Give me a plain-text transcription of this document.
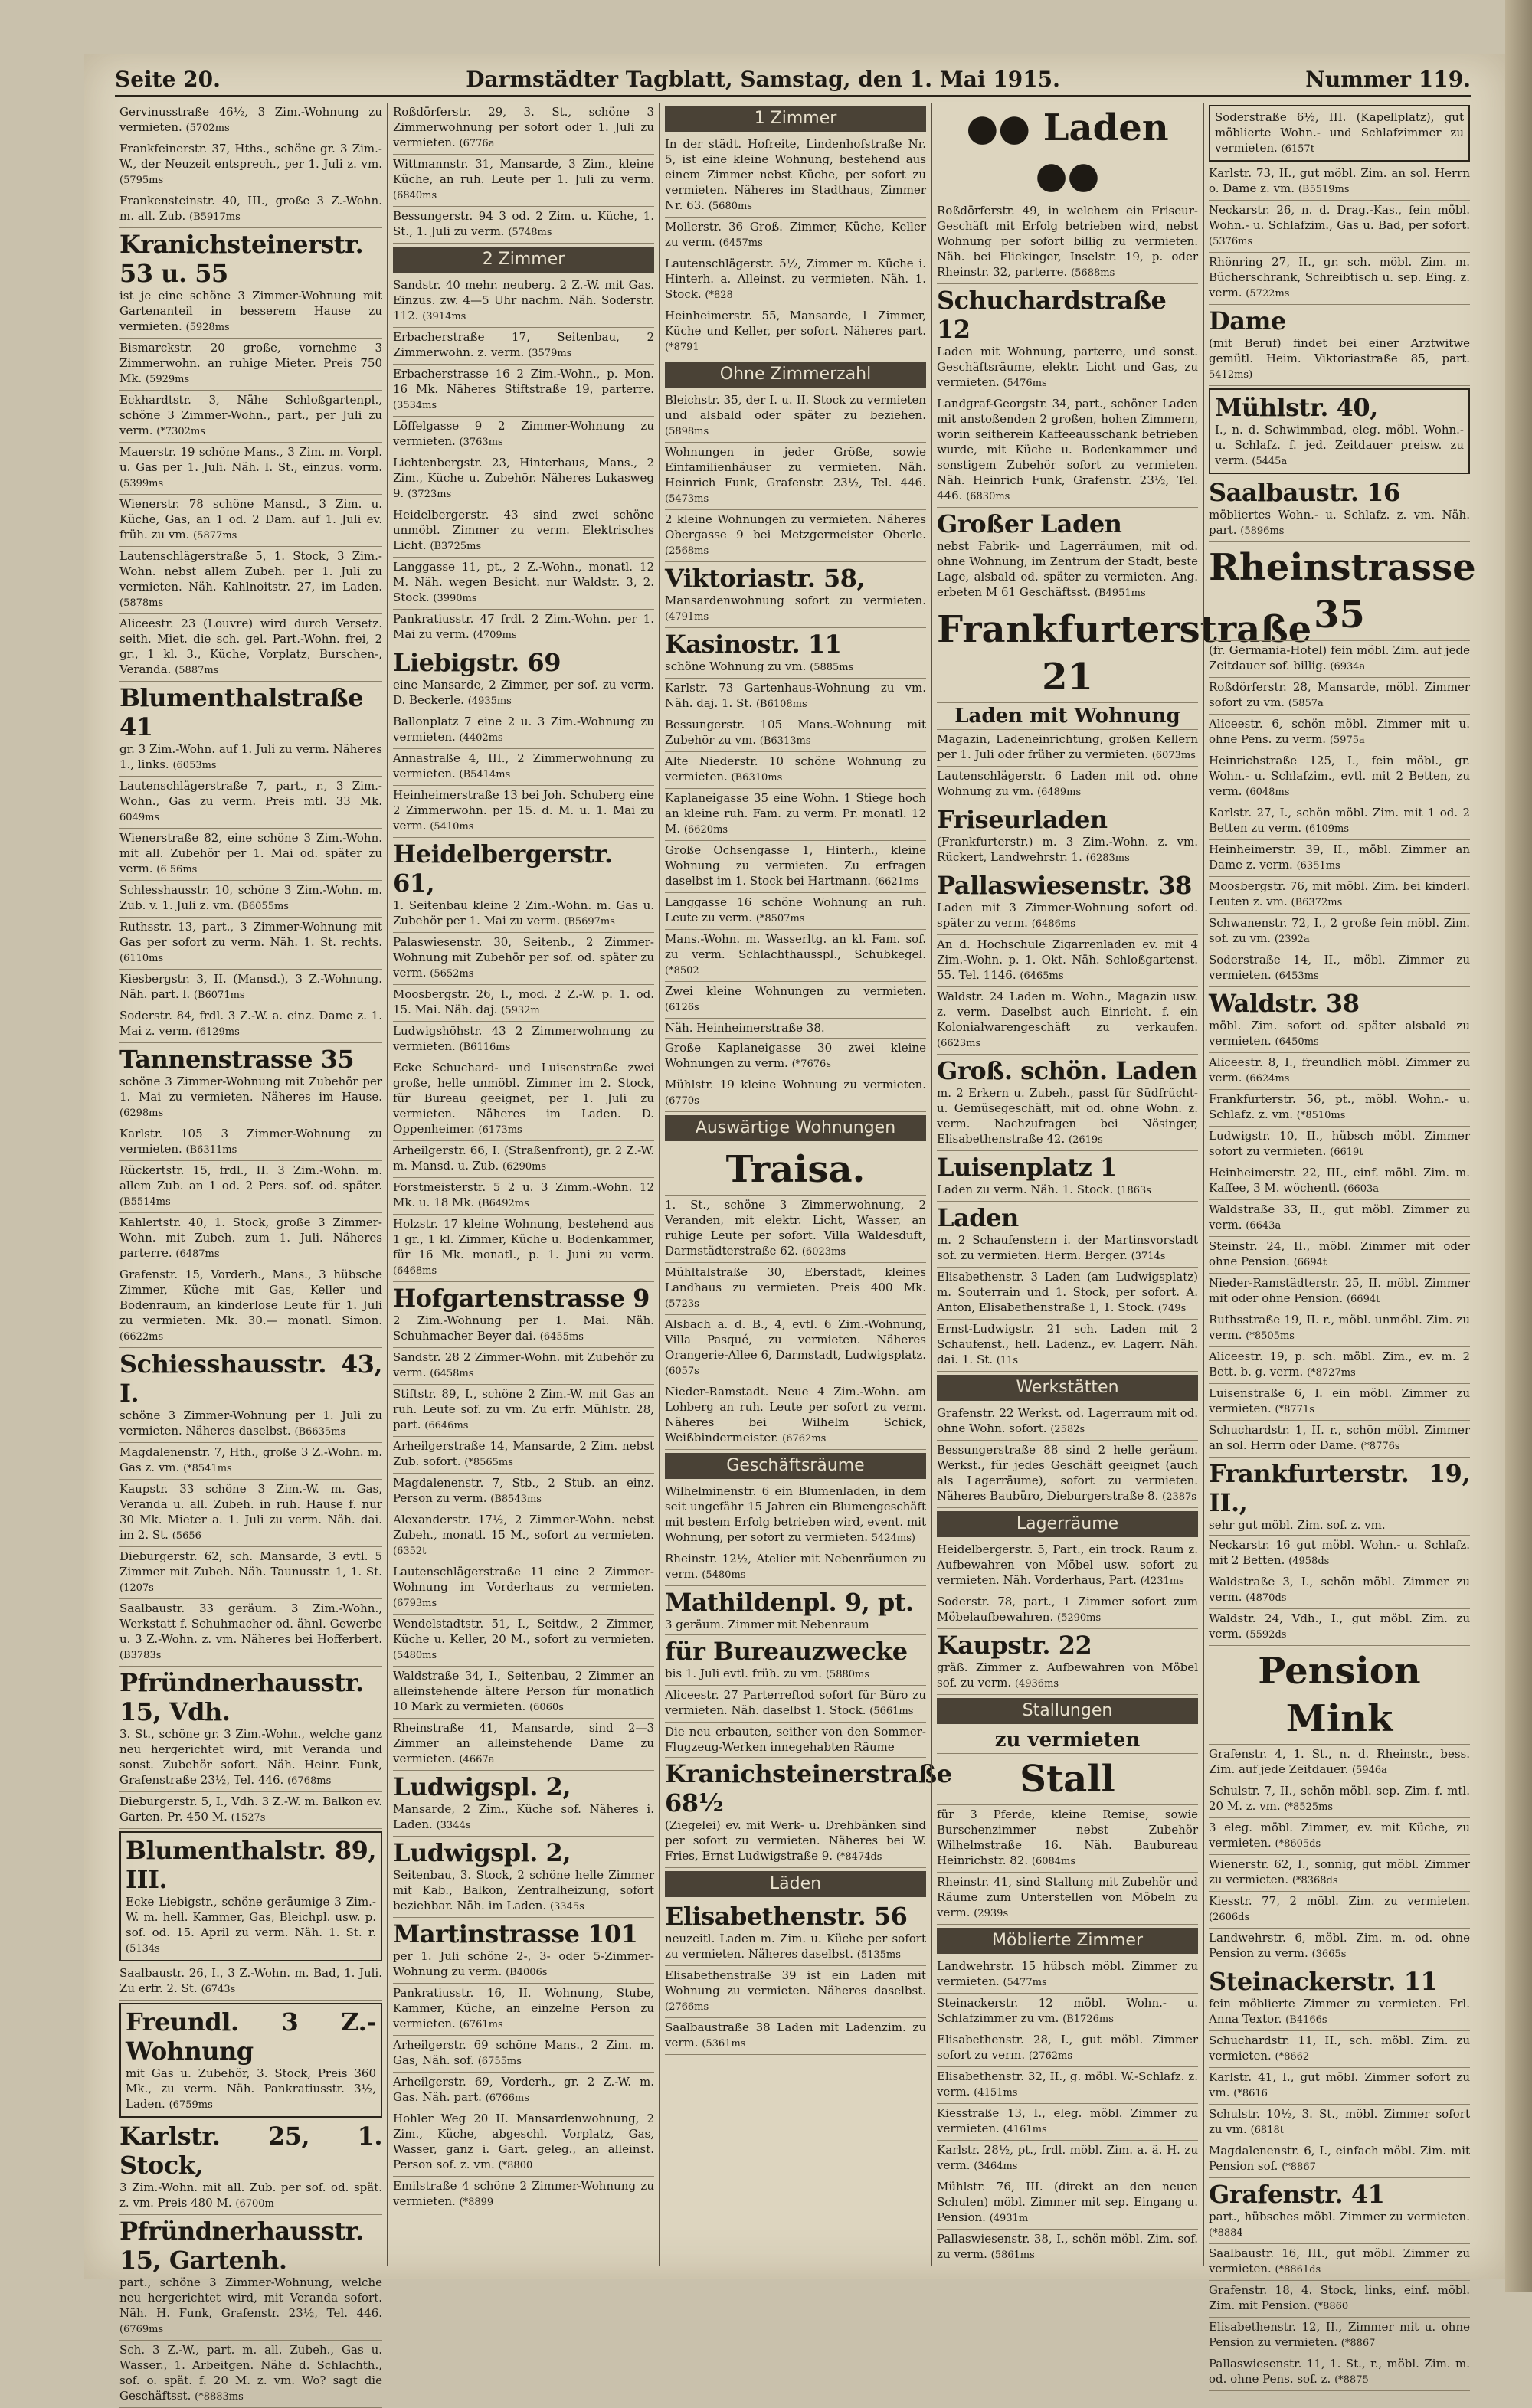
Seite 20.	Darmstädter Tagblatt, Samstag, den 1. Mai 1915.	Nummer 119.
Gervinusstraße 46½, 3 Zim.-Wohnung zu vermieten. (5702ms
Frankfeinerstr. 37, Hths., schöne gr. 3 Zim.-W., der Neuzeit entsprech., per 1. Juli z. vm. (5795ms
Frankensteinstr. 40, III., große 3 Z.-Wohn. m. all. Zub. (B5917ms
Kranichsteinerstr. 53 u. 55
ist je eine schöne 3 Zimmer-Wohnung mit Gartenanteil in besserem Hause zu vermieten. (5928ms
Bismarckstr. 20 große, vornehme 3 Zimmerwohn. an ruhige Mieter. Preis 750 Mk. (5929ms
Eckhardtstr. 3, Nähe Schloßgartenpl., schöne 3 Zimmer-Wohn., part., per Juli zu verm. (*7302ms
Mauerstr. 19 schöne Mans., 3 Zim. m. Vorpl. u. Gas per 1. Juli. Näh. I. St., einzus. vorm. (5399ms
Wienerstr. 78 schöne Mansd., 3 Zim. u. Küche, Gas, an 1 od. 2 Dam. auf 1. Juli ev. früh. zu vm. (5877ms
Lautenschlägerstraße 5, 1. Stock, 3 Zim.-Wohn. nebst allem Zubeh. per 1. Juli zu vermieten. Näh. Kahlnoitstr. 27, im Laden. (5878ms
Aliceestr. 23 (Louvre) wird durch Versetz. seith. Miet. die sch. gel. Part.-Wohn. frei, 2 gr., 1 kl. 3., Küche, Vorplatz, Burschen-, Veranda. (5887ms
Blumenthalstraße 41
gr. 3 Zim.-Wohn. auf 1. Juli zu verm. Näheres 1., links. (6053ms
Lautenschlägerstraße 7, part., r., 3 Zim.-Wohn., Gas zu verm. Preis mtl. 33 Mk. 6049ms
Wienerstraße 82, eine schöne 3 Zim.-Wohn. mit all. Zubehör per 1. Mai od. später zu verm. (6 56ms
Schlesshausstr. 10, schöne 3 Zim.-Wohn. m. Zub. v. 1. Juli z. vm. (B6055ms
Ruthsstr. 13, part., 3 Zimmer-Wohnung mit Gas per sofort zu verm. Näh. 1. St. rechts. (6110ms
Kiesbergstr. 3, II. (Mansd.), 3 Z.-Wohnung. Näh. part. l. (B6071ms
Soderstr. 84, frdl. 3 Z.-W. a. einz. Dame z. 1. Mai z. verm. (6129ms
Tannenstrasse 35
schöne 3 Zimmer-Wohnung mit Zubehör per 1. Mai zu vermieten. Näheres im Hause. (6298ms
Karlstr. 105 3 Zimmer-Wohnung zu vermieten. (B6311ms
Rückertstr. 15, frdl., II. 3 Zim.-Wohn. m. allem Zub. an 1 od. 2 Pers. sof. od. später. (B5514ms
Kahlertstr. 40, 1. Stock, große 3 Zimmer-Wohn. mit Zubeh. zum 1. Juli. Näheres parterre. (6487ms
Grafenstr. 15, Vorderh., Mans., 3 hübsche Zimmer, Küche mit Gas, Keller und Bodenraum, an kinderlose Leute für 1. Juli zu vermieten. Mk. 30.— monatl. Simon. (6622ms
Schiesshausstr. 43, I.
schöne 3 Zimmer-Wohnung per 1. Juli zu vermieten. Näheres daselbst. (B6635ms
Magdalenenstr. 7, Hth., große 3 Z.-Wohn. m. Gas z. vm. (*8541ms
Kaupstr. 33 schöne 3 Zim.-W. m. Gas, Veranda u. all. Zubeh. in ruh. Hause f. nur 30 Mk. Mieter a. 1. Juli zu verm. Näh. dai. im 2. St. (5656
Dieburgerstr. 62, sch. Mansarde, 3 evtl. 5 Zimmer mit Zubeh. Näh. Taunusstr. 1, 1. St. (1207s
Saalbaustr. 33 geräum. 3 Zim.-Wohn., Werkstatt f. Schuhmacher od. ähnl. Gewerbe u. 3 Z.-Wohn. z. vm. Näheres bei Hofferbert. (B3783s
Pfründnerhausstr. 15, Vdh.
3. St., schöne gr. 3 Zim.-Wohn., welche ganz neu hergerichtet wird, mit Veranda und sonst. Zubehör sofort. Näh. Heinr. Funk, Grafenstraße 23½, Tel. 446. (6768ms
Dieburgerstr. 5, I., Vdh. 3 Z.-W. m. Balkon ev. Garten. Pr. 450 M. (1527s
Blumenthalstr. 89, III.
Ecke Liebigstr., schöne geräumige 3 Zim.-W. m. hell. Kammer, Gas, Bleichpl. usw. p. sof. od. 15. April zu verm. Näh. 1. St. r. (5134s
Saalbaustr. 26, I., 3 Z.-Wohn. m. Bad, 1. Juli. Zu erfr. 2. St. (6743s
Freundl. 3 Z.-Wohnung
mit Gas u. Zubehör, 3. Stock, Preis 360 Mk., zu verm. Näh. Pankratiusstr. 3½, Laden. (6759ms
Karlstr. 25, 1. Stock,
3 Zim.-Wohn. mit all. Zub. per sof. od. spät. z. vm. Preis 480 M. (6700m
Pfründnerhausstr. 15, Gartenh.
part., schöne 3 Zimmer-Wohnung, welche neu hergerichtet wird, mit Veranda sofort. Näh. H. Funk, Grafenstr. 23½, Tel. 446. (6769ms
Sch. 3 Z.-W., part. m. all. Zubeh., Gas u. Wasser., 1. Arbeitgen. Nähe d. Schlachth., sof. o. spät. f. 20 M. z. vm. Wo? sagt die Geschäftsst. (*8883ms
Roßdörferstr. 29, 3. St., schöne 3 Zimmerwohnung per sofort oder 1. Juli zu vermieten. (6776a
Wittmannstr. 31, Mansarde, 3 Zim., kleine Küche, an ruh. Leute per 1. Juli zu verm. (6840ms
Bessungerstr. 94 3 od. 2 Zim. u. Küche, 1. St., 1. Juli zu verm. (5748ms
2 Zimmer
Sandstr. 40 mehr. neuberg. 2 Z.-W. mit Gas. Einzus. zw. 4—5 Uhr nachm. Näh. Soderstr. 112. (3914ms
Erbacherstraße 17, Seitenbau, 2 Zimmerwohn. z. verm. (3579ms
Erbacherstrasse 16 2 Zim.-Wohn., p. Mon. 16 Mk. Näheres Stiftstraße 19, parterre. (3534ms
Löffelgasse 9 2 Zimmer-Wohnung zu vermieten. (3763ms
Lichtenbergstr. 23, Hinterhaus, Mans., 2 Zim., Küche u. Zubehör. Näheres Lukasweg 9. (3723ms
Heidelbergerstr. 43 sind zwei schöne unmöbl. Zimmer zu verm. Elektrisches Licht. (B3725ms
Langgasse 11, pt., 2 Z.-Wohn., monatl. 12 M. Näh. wegen Besicht. nur Waldstr. 3, 2. Stock. (3990ms
Pankratiusstr. 47 frdl. 2 Zim.-Wohn. per 1. Mai zu verm. (4709ms
Liebigstr. 69
eine Mansarde, 2 Zimmer, per sof. zu verm. D. Beckerle. (4935ms
Ballonplatz 7 eine 2 u. 3 Zim.-Wohnung zu vermieten. (4402ms
Annastraße 4, III., 2 Zimmerwohnung zu vermieten. (B5414ms
Heinheimerstraße 13 bei Joh. Schuberg eine 2 Zimmerwohn. per 15. d. M. u. 1. Mai zu verm. (5410ms
Heidelbergerstr. 61,
1. Seitenbau kleine 2 Zim.-Wohn. m. Gas u. Zubehör per 1. Mai zu verm. (B5697ms
Palaswiesenstr. 30, Seitenb., 2 Zimmer-Wohnung mit Zubehör per sof. od. später zu verm. (5652ms
Moosbergstr. 26, I., mod. 2 Z.-W. p. 1. od. 15. Mai. Näh. daj. (5932m
Ludwigshöhstr. 43 2 Zimmerwohnung zu vermieten. (B6116ms
Ecke Schuchard- und Luisenstraße zwei große, helle unmöbl. Zimmer im 2. Stock, für Bureau geeignet, per 1. Juli zu vermieten. Näheres im Laden. D. Oppenheimer. (6173ms
Arheilgerstr. 66, I. (Straßenfront), gr. 2 Z.-W. m. Mansd. u. Zub. (6290ms
Forstmeisterstr. 5 2 u. 3 Zimm.-Wohn. 12 Mk. u. 18 Mk. (B6492ms
Holzstr. 17 kleine Wohnung, bestehend aus 1 gr., 1 kl. Zimmer, Küche u. Bodenkammer, für 16 Mk. monatl., p. 1. Juni zu verm. (6468ms
Hofgartenstrasse 9
2 Zim.-Wohnung per 1. Mai. Näh. Schuhmacher Beyer dai. (6455ms
Sandstr. 28 2 Zimmer-Wohn. mit Zubehör zu verm. (6458ms
Stiftstr. 89, I., schöne 2 Zim.-W. mit Gas an ruh. Leute sof. zu vm. Zu erfr. Mühlstr. 28, part. (6646ms
Arheilgerstraße 14, Mansarde, 2 Zim. nebst Zub. sofort. (*8565ms
Magdalenenstr. 7, Stb., 2 Stub. an einz. Person zu verm. (B8543ms
Alexanderstr. 17½, 2 Zimmer-Wohn. nebst Zubeh., monatl. 15 M., sofort zu vermieten. (6352t
Lautenschlägerstraße 11 eine 2 Zimmer-Wohnung im Vorderhaus zu vermieten. (6793ms
Wendelstadtstr. 51, I., Seitdw., 2 Zimmer, Küche u. Keller, 20 M., sofort zu vermieten. (5480ms
Waldstraße 34, I., Seitenbau, 2 Zimmer an alleinstehende ältere Person für monatlich 10 Mark zu vermieten. (6060s
Rheinstraße 41, Mansarde, sind 2—3 Zimmer an alleinstehende Dame zu vermieten. (4667a
Ludwigspl. 2,
Mansarde, 2 Zim., Küche sof. Näheres i. Laden. (3344s
Ludwigspl. 2,
Seitenbau, 3. Stock, 2 schöne helle Zimmer mit Kab., Balkon, Zentralheizung, sofort beziehbar. Näh. im Laden. (3345s
Martinstrasse 101
per 1. Juli schöne 2-, 3- oder 5-Zimmer-Wohnung zu verm. (B4006s
Pankratiusstr. 16, II. Wohnung, Stube, Kammer, Küche, an einzelne Person zu vermieten. (6761ms
Arheilgerstr. 69 schöne Mans., 2 Zim. m. Gas, Näh. sof. (6755ms
Arheilgerstr. 69, Vorderh., gr. 2 Z.-W. m. Gas. Näh. part. (6766ms
Hohler Weg 20 II. Mansardenwohnung, 2 Zim., Küche, abgeschl. Vorplatz, Gas, Wasser, ganz i. Gart. geleg., an alleinst. Person sof. z. vm. (*8800
Emilstraße 4 schöne 2 Zimmer-Wohnung zu vermieten. (*8899
1 Zimmer
In der städt. Hofreite, Lindenhofstraße Nr. 5, ist eine kleine Wohnung, bestehend aus einem Zimmer nebst Küche, per sofort zu vermieten. Näheres im Stadthaus, Zimmer Nr. 63. (5680ms
Mollerstr. 36 Groß. Zimmer, Küche, Keller zu verm. (6457ms
Lautenschlägerstr. 5½, Zimmer m. Küche i. Hinterh. a. Alleinst. zu vermieten. Näh. 1. Stock. (*828
Heinheimerstr. 55, Mansarde, 1 Zimmer, Küche und Keller, per sofort. Näheres part. (*8791
Ohne Zimmerzahl
Bleichstr. 35, der I. u. II. Stock zu vermieten und alsbald oder später zu beziehen. (5898ms
Wohnungen in jeder Größe, sowie Einfamilienhäuser zu vermieten. Näh. Heinrich Funk, Grafenstr. 23½, Tel. 446. (5473ms
2 kleine Wohnungen zu vermieten. Näheres Obergasse 9 bei Metzgermeister Oberle. (2568ms
Viktoriastr. 58,
Mansardenwohnung sofort zu vermieten. (4791ms
Kasinostr. 11
schöne Wohnung zu vm. (5885ms
Karlstr. 73 Gartenhaus-Wohnung zu vm. Näh. daj. 1. St. (B6108ms
Bessungerstr. 105 Mans.-Wohnung mit Zubehör zu vm. (B6313ms
Alte Niederstr. 10 schöne Wohnung zu vermieten. (B6310ms
Kaplaneigasse 35 eine Wohn. 1 Stiege hoch an kleine ruh. Fam. zu verm. Pr. monatl. 12 M. (6620ms
Große Ochsengasse 1, Hinterh., kleine Wohnung zu vermieten. Zu erfragen daselbst im 1. Stock bei Hartmann. (6621ms
Langgasse 16 schöne Wohnung an ruh. Leute zu verm. (*8507ms
Mans.-Wohn. m. Wasserltg. an kl. Fam. sof. zu verm. Schlachthausspl., Schubkegel. (*8502
Zwei kleine Wohnungen zu vermieten. (6126s
Näh. Heinheimerstraße 38.
Große Kaplaneigasse 30 zwei kleine Wohnungen zu verm. (*7676s
Mühlstr. 19 kleine Wohnung zu vermieten. (6770s
Auswärtige Wohnungen
Traisa.
1. St., schöne 3 Zimmerwohnung, 2 Veranden, mit elektr. Licht, Wasser, an ruhige Leute per sofort. Villa Waldesduft, Darmstädterstraße 62. (6023ms
Mühltalstraße 30, Eberstadt, kleines Landhaus zu vermieten. Preis 400 Mk. (5723s
Alsbach a. d. B., 4, evtl. 6 Zim.-Wohnung, Villa Pasqué, zu vermieten. Näheres Orangerie-Allee 6, Darmstadt, Ludwigsplatz. (6057s
Nieder-Ramstadt. Neue 4 Zim.-Wohn. am Lohberg an ruh. Leute per sofort zu verm. Näheres bei Wilhelm Schick, Weißbindermeister. (6762ms
Geschäftsräume
Wilhelminenstr. 6 ein Blumenladen, in dem seit ungefähr 15 Jahren ein Blumengeschäft mit bestem Erfolg betrieben wird, event. mit Wohnung, per sofort zu vermieten. 5424ms)
Rheinstr. 12½, Atelier mit Nebenräumen zu verm. (5480ms
Mathildenpl. 9, pt.
3 geräum. Zimmer mit Nebenraum
für Bureauzwecke
bis 1. Juli evtl. früh. zu vm. (5880ms
Aliceestr. 27 Parterreftod sofort für Büro zu vermieten. Näh. daselbst 1. Stock. (5661ms
Die neu erbauten, seither von den Sommer-Flugzeug-Werken innegehabten Räume
Kranichsteinerstraße 68½
(Ziegelei) ev. mit Werk- u. Drehbänken sind per sofort zu vermieten. Näheres bei W. Fries, Ernst Ludwigstraße 9. (*8474ds
Läden
Elisabethenstr. 56
neuzeitl. Laden m. Zim. u. Küche per sofort zu vermieten. Näheres daselbst. (5135ms
Elisabethenstraße 39 ist ein Laden mit Wohnung zu vermieten. Näheres daselbst. (2766ms
Saalbaustraße 38 Laden mit Ladenzim. zu verm. (5361ms
●● Laden ●●
Roßdörferstr. 49, in welchem ein Friseur-Geschäft mit Erfolg betrieben wird, nebst Wohnung per sofort billig zu vermieten. Näh. bei Flickinger, Inselstr. 19, p. oder Rheinstr. 32, parterre. (5688ms
Schuchardstraße 12
Laden mit Wohnung, parterre, und sonst. Geschäftsräume, elektr. Licht und Gas, zu vermieten. (5476ms
Landgraf-Georgstr. 34, part., schöner Laden mit anstoßenden 2 großen, hohen Zimmern, worin seitherein Kaffeeausschank betrieben wurde, mit Küche u. Bodenkammer und sonstigem Zubehör sofort zu vermieten. Näh. Heinrich Funk, Grafenstr. 23½, Tel. 446. (6830ms
Großer Laden
nebst Fabrik- und Lagerräumen, mit od. ohne Wohnung, im Zentrum der Stadt, beste Lage, alsbald od. später zu vermieten. Ang. erbeten M 61 Geschäftsst. (B4951ms
Frankfurterstraße 21
Laden mit Wohnung
Magazin, Ladeneinrichtung, großen Kellern per 1. Juli oder früher zu vermieten. (6073ms
Lautenschlägerstr. 6 Laden mit od. ohne Wohnung zu vm. (6489ms
Friseurladen
(Frankfurterstr.) m. 3 Zim.-Wohn. z. vm. Rückert, Landwehrstr. 1. (6283ms
Pallaswiesenstr. 38
Laden mit 3 Zimmer-Wohnung sofort od. später zu verm. (6486ms
An d. Hochschule Zigarrenladen ev. mit 4 Zim.-Wohn. p. 1. Okt. Näh. Schloßgartenst. 55. Tel. 1146. (6465ms
Waldstr. 24 Laden m. Wohn., Magazin usw. z. verm. Daselbst auch Einricht. f. ein Kolonialwarengeschäft zu verkaufen. (6623ms
Groß. schön. Laden
m. 2 Erkern u. Zubeh., passt für Südfrücht- u. Gemüsegeschäft, mit od. ohne Wohn. z. verm. Nachzufragen bei Nösinger, Elisabethenstraße 42. (2619s
Luisenplatz 1
Laden zu verm. Näh. 1. Stock. (1863s
Laden
m. 2 Schaufenstern i. der Martinsvorstadt sof. zu vermieten. Herm. Berger. (3714s
Elisabethenstr. 3 Laden (am Ludwigsplatz) m. Souterrain und 1. Stock, per sofort. A. Anton, Elisabethenstraße 1, 1. Stock. (749s
Ernst-Ludwigstr. 21 sch. Laden mit 2 Schaufenst., hell. Ladenz., ev. Lagerr. Näh. dai. 1. St. (11s
Werkstätten
Grafenstr. 22 Werkst. od. Lagerraum mit od. ohne Wohn. sofort. (2582s
Bessungerstraße 88 sind 2 helle geräum. Werkst., für jedes Geschäft geeignet (auch als Lagerräume), sofort zu vermieten. Näheres Baubüro, Dieburgerstraße 8. (2387s
Lagerräume
Heidelbergerstr. 5, Part., ein trock. Raum z. Aufbewahren von Möbel usw. sofort zu vermieten. Näh. Vorderhaus, Part. (4231ms
Soderstr. 78, part., 1 Zimmer sofort zum Möbelaufbewahren. (5290ms
Kaupstr. 22
gräß. Zimmer z. Aufbewahren von Möbel sof. zu verm. (4936ms
Stallungen
zu vermieten
Stall
für 3 Pferde, kleine Remise, sowie Burschenzimmer nebst Zubehör Wilhelmstraße 16. Näh. Baubureau Heinrichstr. 82. (6084ms
Rheinstr. 41, sind Stallung mit Zubehör und Räume zum Unterstellen von Möbeln zu verm. (2939s
Möblierte Zimmer
Landwehrstr. 15 hübsch möbl. Zimmer zu vermieten. (5477ms
Steinackerstr. 12 möbl. Wohn.- u. Schlafzimmer zu vm. (B1726ms
Elisabethenstr. 28, I., gut möbl. Zimmer sofort zu verm. (2762ms
Elisabethenstr. 32, II., g. möbl. W.-Schlafz. z. verm. (4151ms
Kiesstraße 13, I., eleg. möbl. Zimmer zu vermieten. (4161ms
Karlstr. 28½, pt., frdl. möbl. Zim. a. ä. H. zu verm. (3464ms
Mühlstr. 76, III. (direkt an den neuen Schulen) möbl. Zimmer mit sep. Eingang u. Pension. (4931m
Pallaswiesenstr. 38, I., schön möbl. Zim. sof. zu verm. (5861ms
Soderstraße 6½, III. (Kapellplatz), gut möblierte Wohn.- und Schlafzimmer zu vermieten. (6157t
Karlstr. 73, II., gut möbl. Zim. an sol. Herrn o. Dame z. vm. (B5519ms
Neckarstr. 26, n. d. Drag.-Kas., fein möbl. Wohn.- u. Schlafzim., Gas u. Bad, per sofort. (5376ms
Rhönring 27, II., gr. sch. möbl. Zim. m. Bücherschrank, Schreibtisch u. sep. Eing. z. verm. (5722ms
Dame
(mit Beruf) findet bei einer Arztwitwe gemütl. Heim. Viktoriastraße 85, part. 5412ms)
Mühlstr. 40,
I., n. d. Schwimmbad, eleg. möbl. Wohn.- u. Schlafz. f. jed. Zeitdauer preisw. zu verm. (5445a
Saalbaustr. 16
möbliertes Wohn.- u. Schlafz. z. vm. Näh. part. (5896ms
Rheinstrasse 35
(fr. Germania-Hotel) fein möbl. Zim. auf jede Zeitdauer sof. billig. (6934a
Roßdörferstr. 28, Mansarde, möbl. Zimmer sofort zu vm. (5857a
Aliceestr. 6, schön möbl. Zimmer mit u. ohne Pens. zu verm. (5975a
Heinrichstraße 125, I., fein möbl., gr. Wohn.- u. Schlafzim., evtl. mit 2 Betten, zu verm. (6048ms
Karlstr. 27, I., schön möbl. Zim. mit 1 od. 2 Betten zu verm. (6109ms
Heinheimerstr. 39, II., möbl. Zimmer an Dame z. verm. (6351ms
Moosbergstr. 76, mit möbl. Zim. bei kinderl. Leuten z. vm. (B6372ms
Schwanenstr. 72, I., 2 große fein möbl. Zim. sof. zu vm. (2392a
Soderstraße 14, II., möbl. Zimmer zu vermieten. (6453ms
Waldstr. 38
möbl. Zim. sofort od. später alsbald zu vermieten. (6450ms
Aliceestr. 8, I., freundlich möbl. Zimmer zu verm. (6624ms
Frankfurterstr. 56, pt., möbl. Wohn.- u. Schlafz. z. vm. (*8510ms
Ludwigstr. 10, II., hübsch möbl. Zimmer sofort zu vermieten. (6619t
Heinheimerstr. 22, III., einf. möbl. Zim. m. Kaffee, 3 M. wöchentl. (6603a
Waldstraße 33, II., gut möbl. Zimmer zu verm. (6643a
Steinstr. 24, II., möbl. Zimmer mit oder ohne Pension. (6694t
Nieder-Ramstädterstr. 25, II. möbl. Zimmer mit oder ohne Pension. (6694t
Ruthsstraße 19, II. r., möbl. unmöbl. Zim. zu verm. (*8505ms
Aliceestr. 19, p. sch. möbl. Zim., ev. m. 2 Bett. b. g. verm. (*8727ms
Luisenstraße 6, I. ein möbl. Zimmer zu vermieten. (*8771s
Schuchardstr. 1, II. r., schön möbl. Zimmer an sol. Herrn oder Dame. (*8776s
Frankfurterstr. 19, II.,
sehr gut möbl. Zim. sof. z. vm.
Neckarstr. 16 gut möbl. Wohn.- u. Schlafz. mit 2 Betten. (4958ds
Waldstraße 3, I., schön möbl. Zimmer zu verm. (4870ds
Waldstr. 24, Vdh., I., gut möbl. Zim. zu verm. (5592ds
Pension Mink
Grafenstr. 4, 1. St., n. d. Rheinstr., bess. Zim. auf jede Zeitdauer. (5946a
Schulstr. 7, II., schön möbl. sep. Zim. f. mtl. 20 M. z. vm. (*8525ms
3 eleg. möbl. Zimmer, ev. mit Küche, zu vermieten. (*8605ds
Wienerstr. 62, I., sonnig, gut möbl. Zimmer zu vermieten. (*8368ds
Kiesstr. 77, 2 möbl. Zim. zu vermieten. (2606ds
Landwehrstr. 6, möbl. Zim. m. od. ohne Pension zu verm. (3665s
Steinackerstr. 11
fein möblierte Zimmer zu vermieten. Frl. Anna Textor. (B4166s
Schuchardstr. 11, II., sch. möbl. Zim. zu vermieten. (*8662
Karlstr. 41, I., gut möbl. Zimmer sofort zu vm. (*8616
Schulstr. 10½, 3. St., möbl. Zimmer sofort zu vm. (6818t
Magdalenenstr. 6, I., einfach möbl. Zim. mit Pension sof. (*8867
Grafenstr. 41
part., hübsches möbl. Zimmer zu vermieten. (*8884
Saalbaustr. 16, III., gut möbl. Zimmer zu vermieten. (*8861ds
Grafenstr. 18, 4. Stock, links, einf. möbl. Zim. mit Pension. (*8860
Elisabethenstr. 12, II., Zimmer mit u. ohne Pension zu vermieten. (*8867
Pallaswiesenstr. 11, 1. St., r., möbl. Zim. m. od. ohne Pens. sof. z. (*8875
